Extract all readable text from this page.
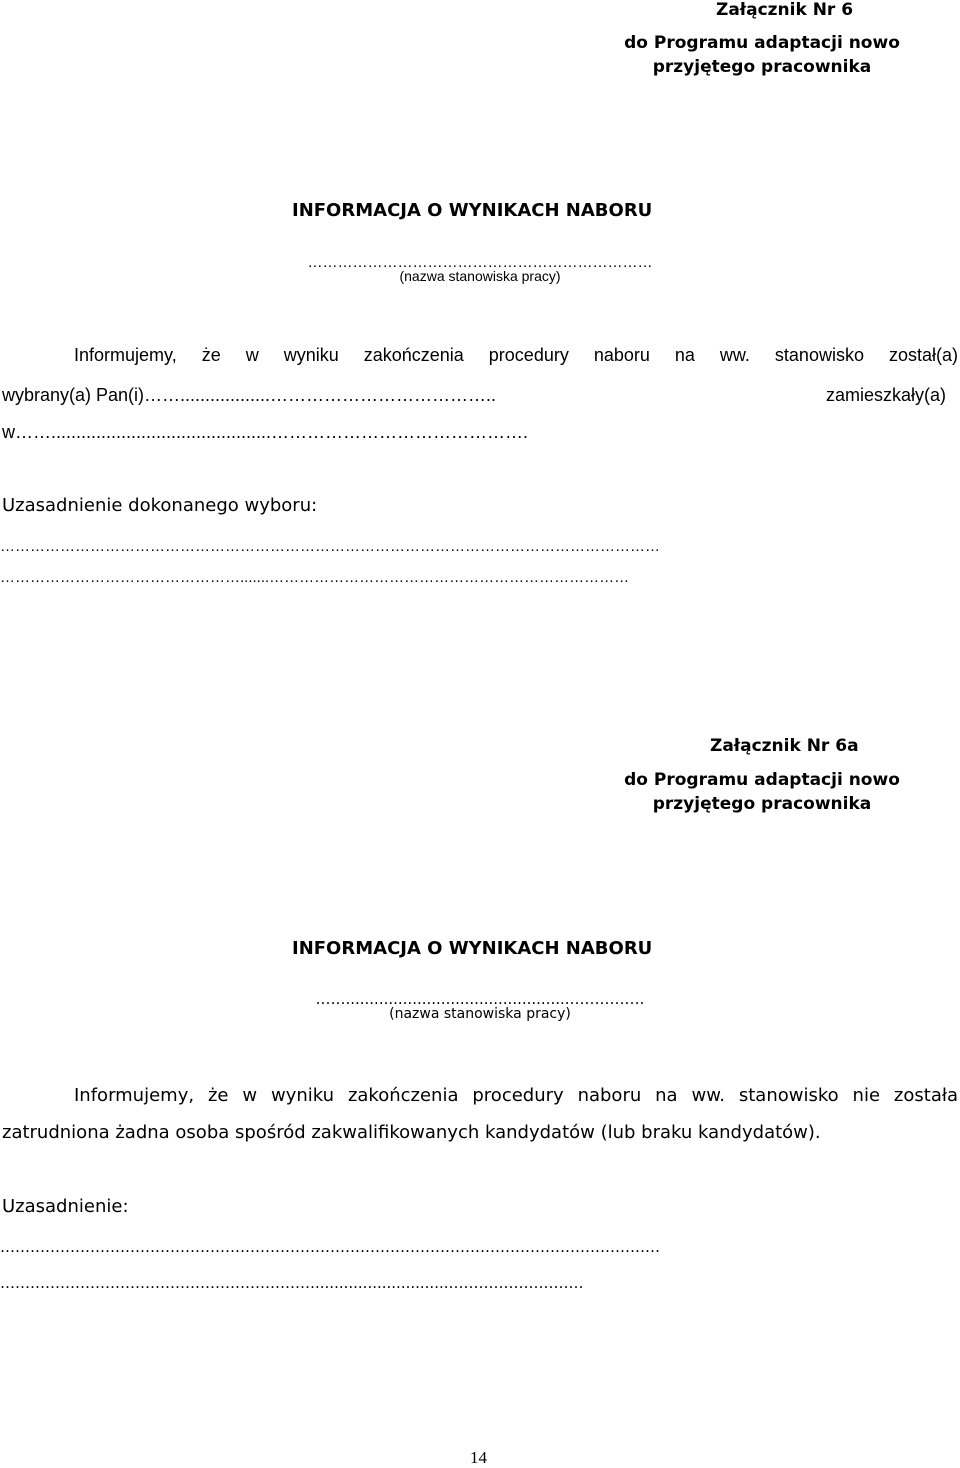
Załącznik Nr 6
do Programu adaptacji nowo
przyjętego pracownika
INFORMACJA O WYNIKACH NABORU
……………………………………………………………
(nazwa stanowiska pracy)
Informujemy, że w wyniku zakończenia procedury naboru na ww. stanowisko został(a)
wybrany(a) Pan(i)……..................………………………………..	zamieszkały(a)
w……............................................…………………………………….
Uzasadnienie dokonanego wyboru:
……………………………………………………………………………………………………………………
………………………………………….......………………………………………………………………
Załącznik Nr 6a
do Programu adaptacji nowo
przyjętego pracownika
INFORMACJA O WYNIKACH NABORU
……...............................................……………
(nazwa stanowiska pracy)
Informujemy, że w wyniku zakończenia procedury naboru na ww. stanowisko nie została
zatrudniona żadna osoba spośród zakwalifikowanych kandydatów (lub braku kandydatów).
Uzasadnienie:
……………………………………………………………………………………………………………………
………………………………………………………............................………………………
14
